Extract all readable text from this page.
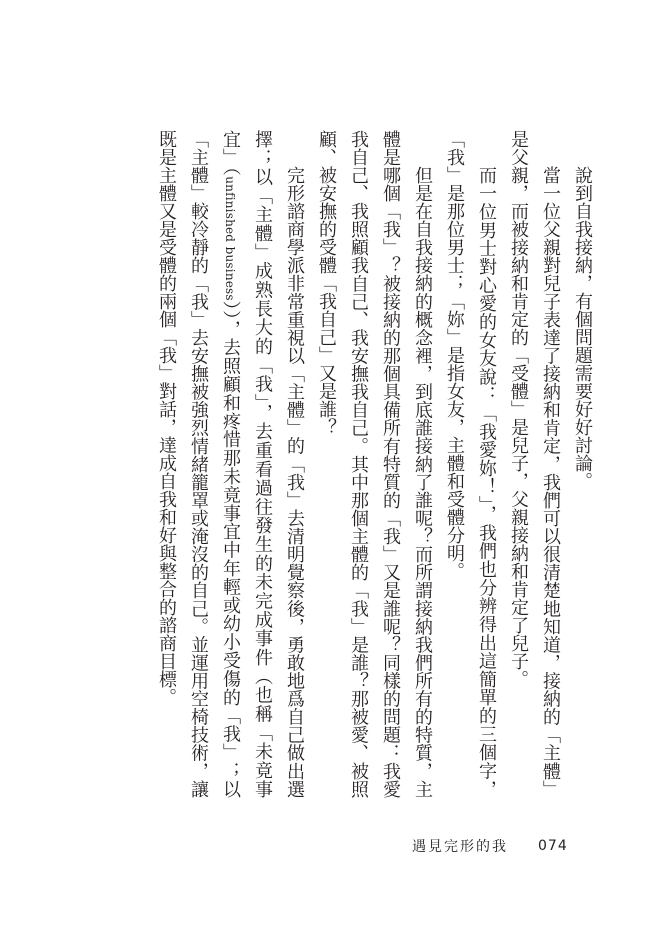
說到自我接納，有個問題需要好好討論。
當一位父親對兒子表達了接納和肯定，我們可以很清楚地知道，接納的「主體」
是父親，而被接納和肯定的「受體」是兒子，父親接納和肯定了兒子。
而一位男士對心愛的女友說：「我愛妳！」，我們也分辨得出這簡單的三個字，
「我」是那位男士；「妳」是指女友，主體和受體分明。
但是在自我接納的概念裡，到底誰接納了誰呢？而所謂接納我們所有的特質，主
體是哪個「我」？被接納的那個具備所有特質的「我」又是誰呢？同樣的問題：我愛
我自己、我照顧我自己、我安撫我自己。其中那個主體的「我」是誰？那被愛、被照
顧、被安撫的受體「我自己」又是誰？
完形諮商學派非常重視以「主體」的「我」去清明覺察後，勇敢地爲自己做出選
擇；以「主體」成熟長大的「我」，去重看過往發生的未完成事件（也稱「未竟事
宜」（unfinished business）），去照顧和疼惜那未竟事宜中年輕或幼小受傷的「我」；以
「主體」較冷靜的「我」去安撫被強烈情緒籠罩或淹沒的自己。並運用空椅技術，讓
既是主體又是受體的兩個「我」對話，達成自我和好與整合的諮商目標。
遇見完形的我 074
